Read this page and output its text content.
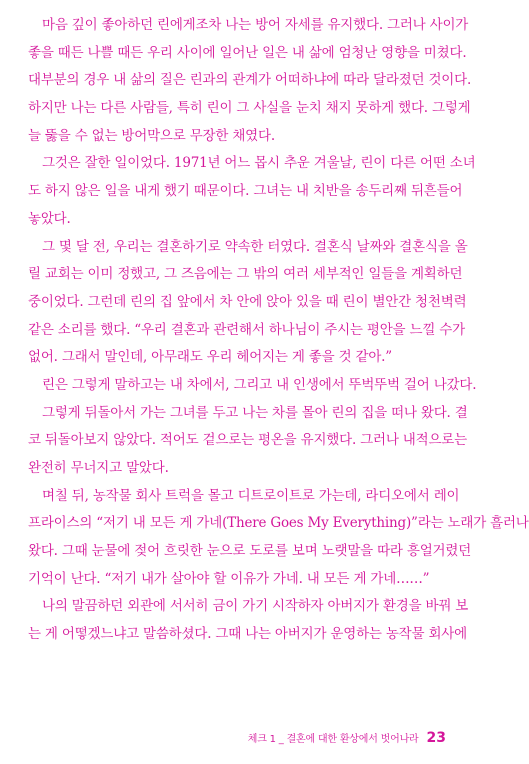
마음 깊이 좋아하던 린에게조차 나는 방어 자세를 유지했다. 그러나 사이가
좋을 때든 나쁠 때든 우리 사이에 일어난 일은 내 삶에 엄청난 영향을 미쳤다.
대부분의 경우 내 삶의 질은 린과의 관계가 어떠하냐에 따라 달라졌던 것이다.
하지만 나는 다른 사람들, 특히 린이 그 사실을 눈치 채지 못하게 했다. 그렇게
늘 뚫을 수 없는 방어막으로 무장한 채였다.
그것은 잘한 일이었다. 1971년 어느 몹시 추운 겨울날, 린이 다른 어떤 소녀
도 하지 않은 일을 내게 했기 때문이다. 그녀는 내 치반을 송두리째 뒤흔들어
놓았다.
그 몇 달 전, 우리는 결혼하기로 약속한 터였다. 결혼식 날짜와 결혼식을 올
릴 교회는 이미 정했고, 그 즈음에는 그 밖의 여러 세부적인 일들을 계획하던
중이었다. 그런데 린의 집 앞에서 차 안에 앉아 있을 때 린이 별안간 청천벽력
같은 소리를 했다. “우리 결혼과 관련해서 하나님이 주시는 평안을 느낄 수가
없어. 그래서 말인데, 아무래도 우리 헤어지는 게 좋을 것 같아.”
린은 그렇게 말하고는 내 차에서, 그리고 내 인생에서 뚜벅뚜벅 걸어 나갔다.
그렇게 뒤돌아서 가는 그녀를 두고 나는 차를 몰아 린의 집을 떠나 왔다. 결
코 뒤돌아보지 않았다. 적어도 겉으로는 평온을 유지했다. 그러나 내적으로는
완전히 무너지고 말았다.
며칠 뒤, 농작물 회사 트럭을 몰고 디트로이트로 가는데, 라디오에서 레이
프라이스의 “저기 내 모든 게 가네(There Goes My Everything)”라는 노래가 흘러나
왔다. 그때 눈물에 젖어 흐릿한 눈으로 도로를 보며 노랫말을 따라 흥얼거렸던
기억이 난다. “저기 내가 살아야 할 이유가 가네. 내 모든 게 가네……”
나의 말끔하던 외관에 서서히 금이 가기 시작하자 아버지가 환경을 바꿔 보
는 게 어떻겠느냐고 말씀하셨다. 그때 나는 아버지가 운영하는 농작물 회사에
체크 1 _ 결혼에 대한 환상에서 벗어나라 23
